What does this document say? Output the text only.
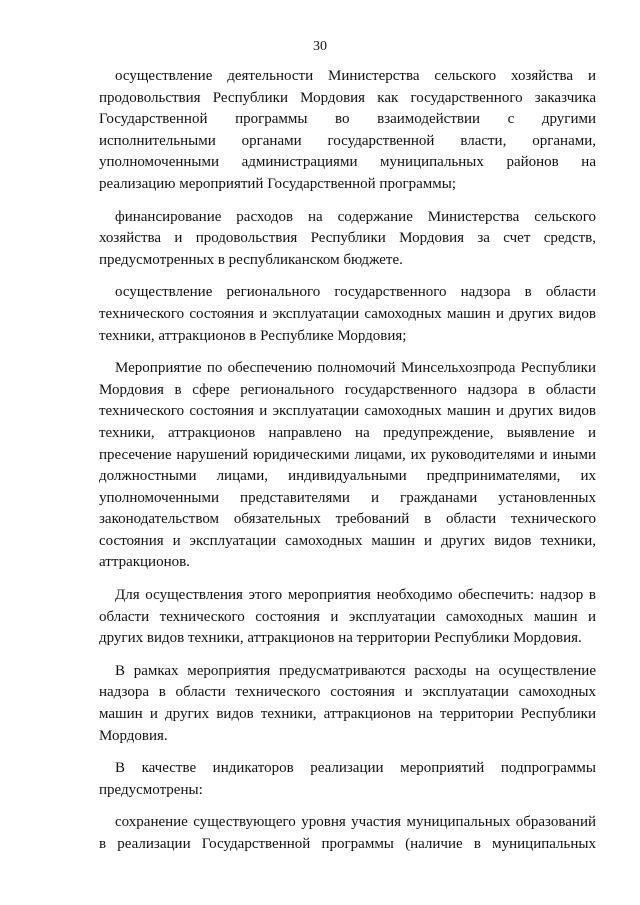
30

осуществление деятельности Министерства сельского хозяйства и продовольствия Республики Мордовия как государственного заказчика Государственной программы во взаимодействии с другими исполнительными органами государственной власти, органами, уполномоченными администрациями муниципальных районов на реализацию мероприятий Государственной программы;

финансирование расходов на содержание Министерства сельского хозяйства и продовольствия Республики Мордовия за счет средств, предусмотренных в республиканском бюджете.

осуществление регионального государственного надзора в области технического состояния и эксплуатации самоходных машин и других видов техники, аттракционов в Республике Мордовия;

Мероприятие по обеспечению полномочий Минсельхозпрода Республики Мордовия в сфере регионального государственного надзора в области технического состояния и эксплуатации самоходных машин и других видов техники, аттракционов направлено на предупреждение, выявление и пресечение нарушений юридическими лицами, их руководителями и иными должностными лицами, индивидуальными предпринимателями, их уполномоченными представителями и гражданами установленных законодательством обязательных требований в области технического состояния и эксплуатации самоходных машин и других видов техники, аттракционов.

Для осуществления этого мероприятия необходимо обеспечить: надзор в области технического состояния и эксплуатации самоходных машин и других видов техники, аттракционов на территории Республики Мордовия.

В рамках мероприятия предусматриваются расходы на осуществление надзора в области технического состояния и эксплуатации самоходных машин и других видов техники, аттракционов на территории Республики Мордовия.

В качестве индикаторов реализации мероприятий подпрограммы предусмотрены:

сохранение существующего уровня участия муниципальных образований в реализации Государственной программы (наличие в муниципальных
